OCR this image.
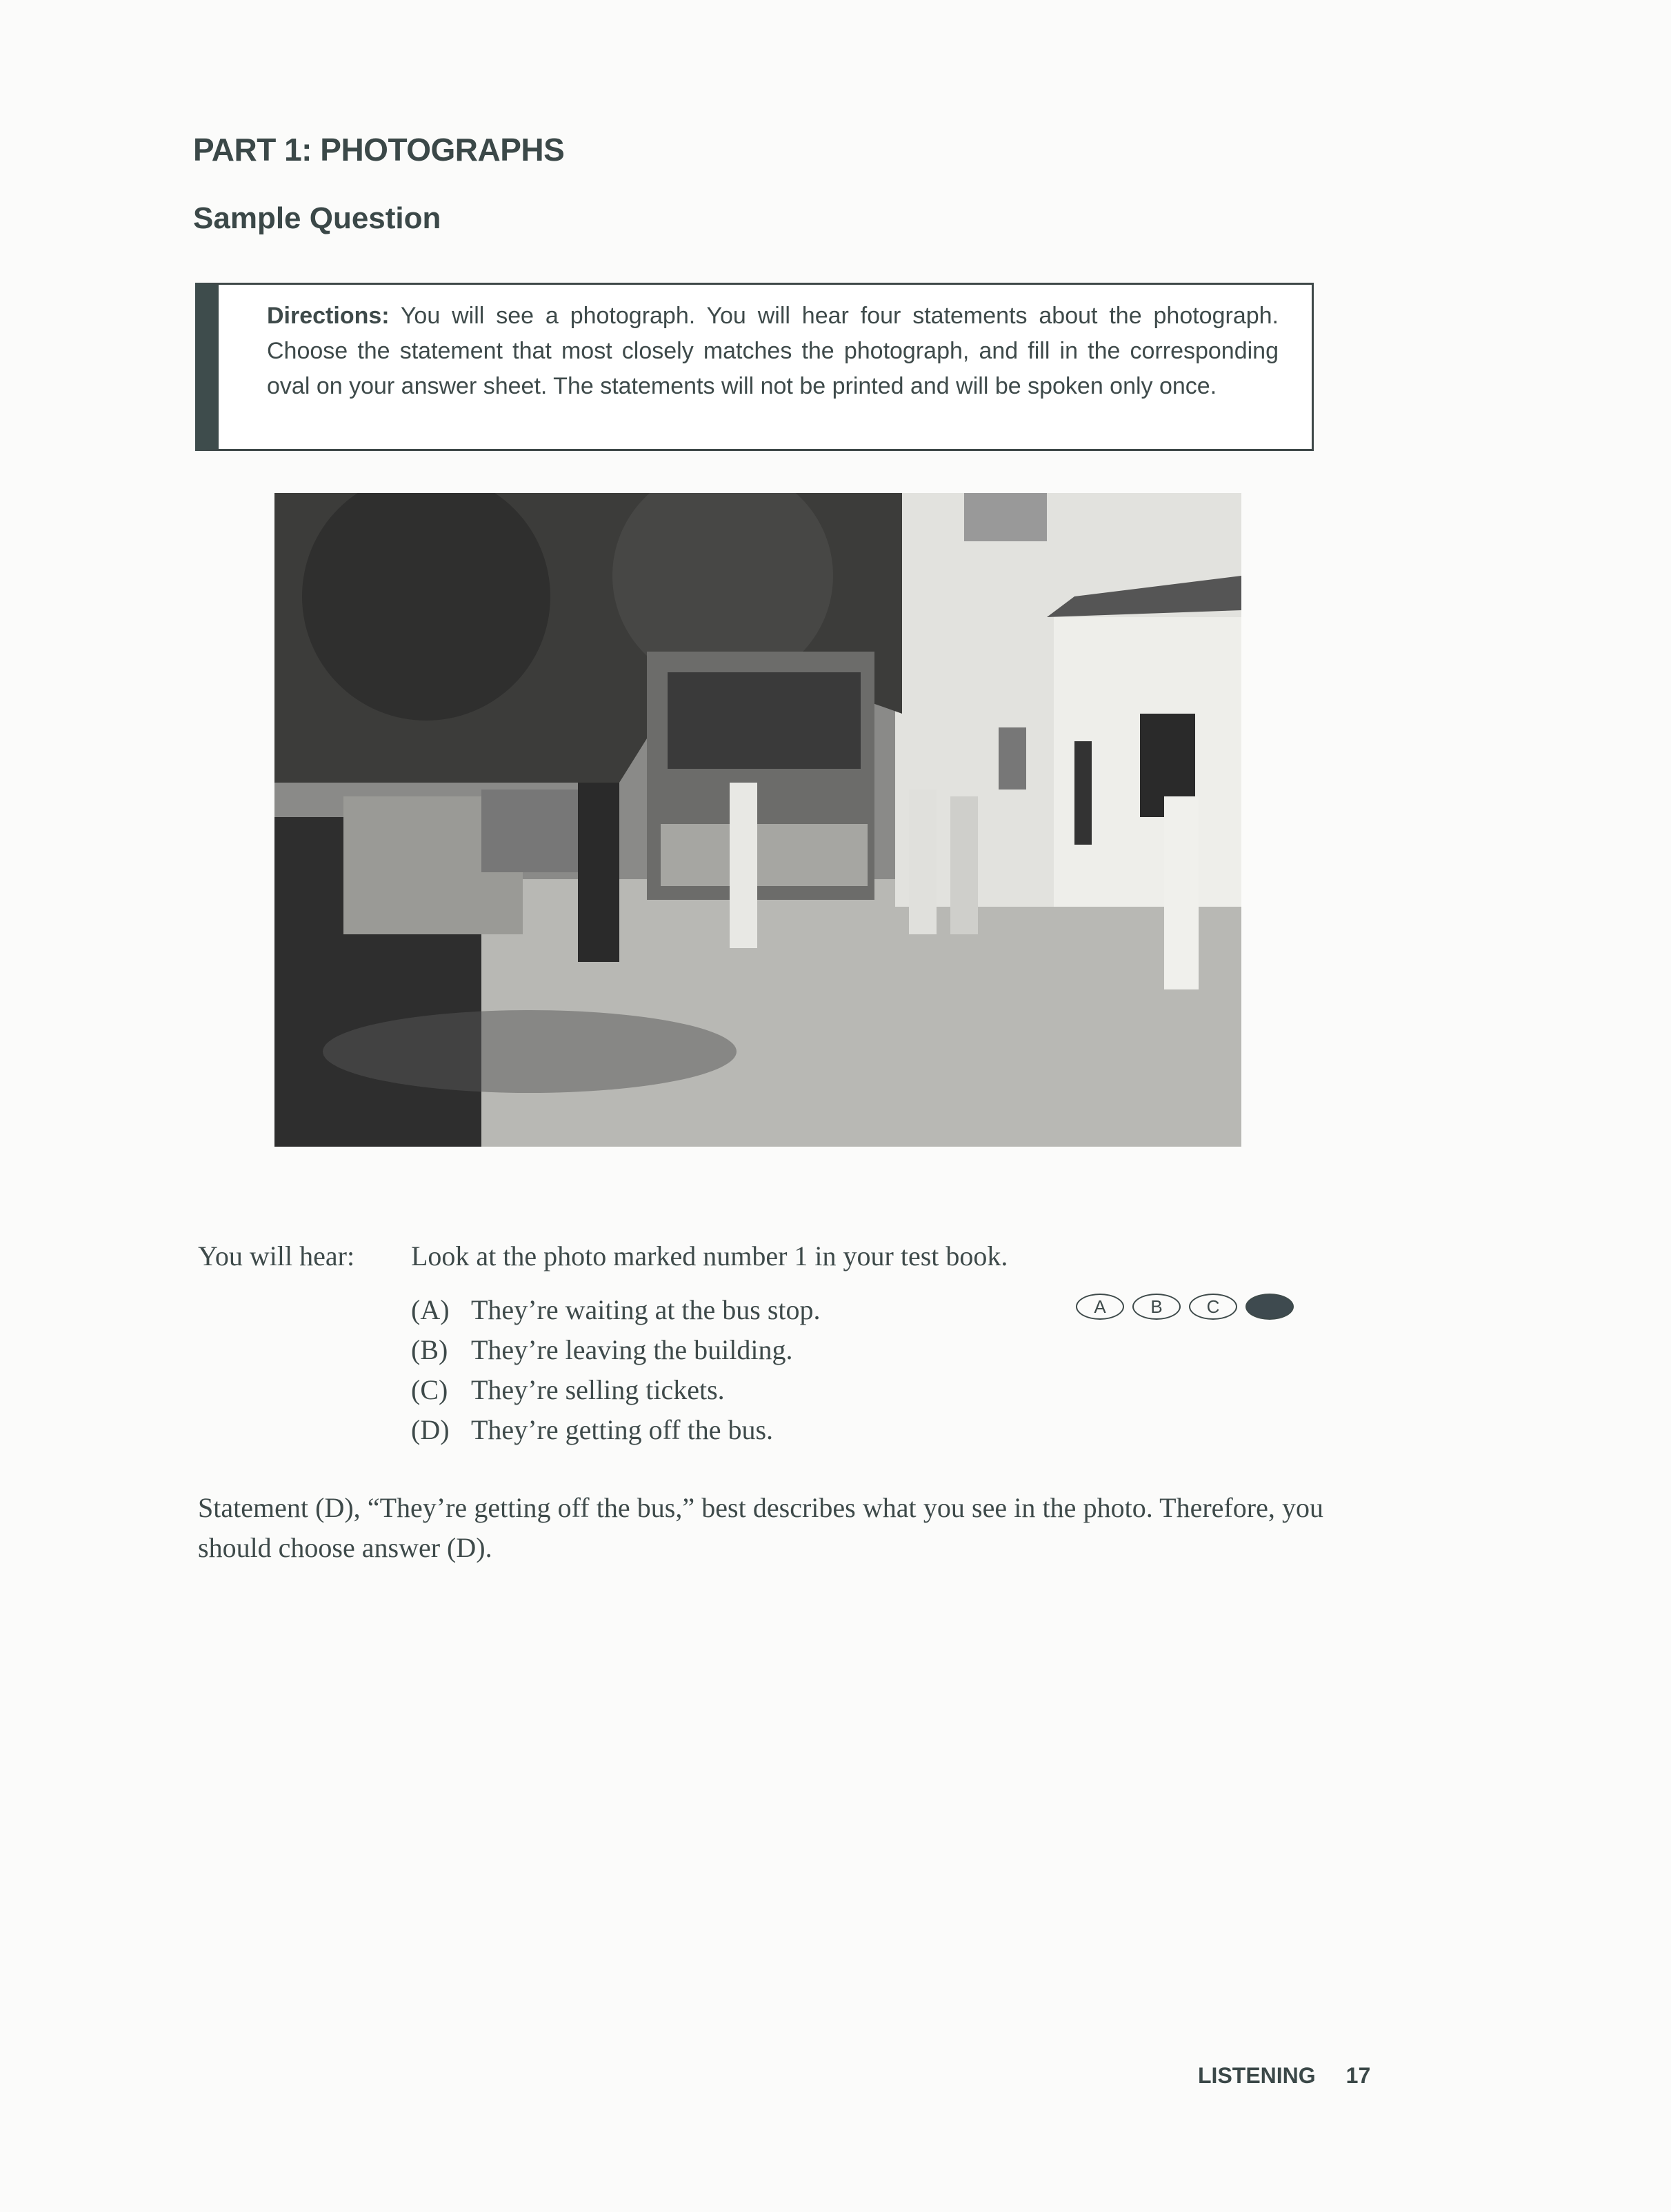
PART 1: PHOTOGRAPHS
Sample Question
Directions: You will see a photograph. You will hear four statements about the photograph. Choose the statement that most closely matches the photograph, and fill in the corresponding oval on your answer sheet. The statements will not be printed and will be spoken only once.
You will hear: Look at the photo marked number 1 in your test book.
(A) They’re waiting at the bus stop.
(B) They’re leaving the building.
(C) They’re selling tickets.
(D) They’re getting off the bus.
A	B	C
Statement (D), “They’re getting off the bus,” best describes what you see in the photo. Therefore, you should choose answer (D).
LISTENING 17
